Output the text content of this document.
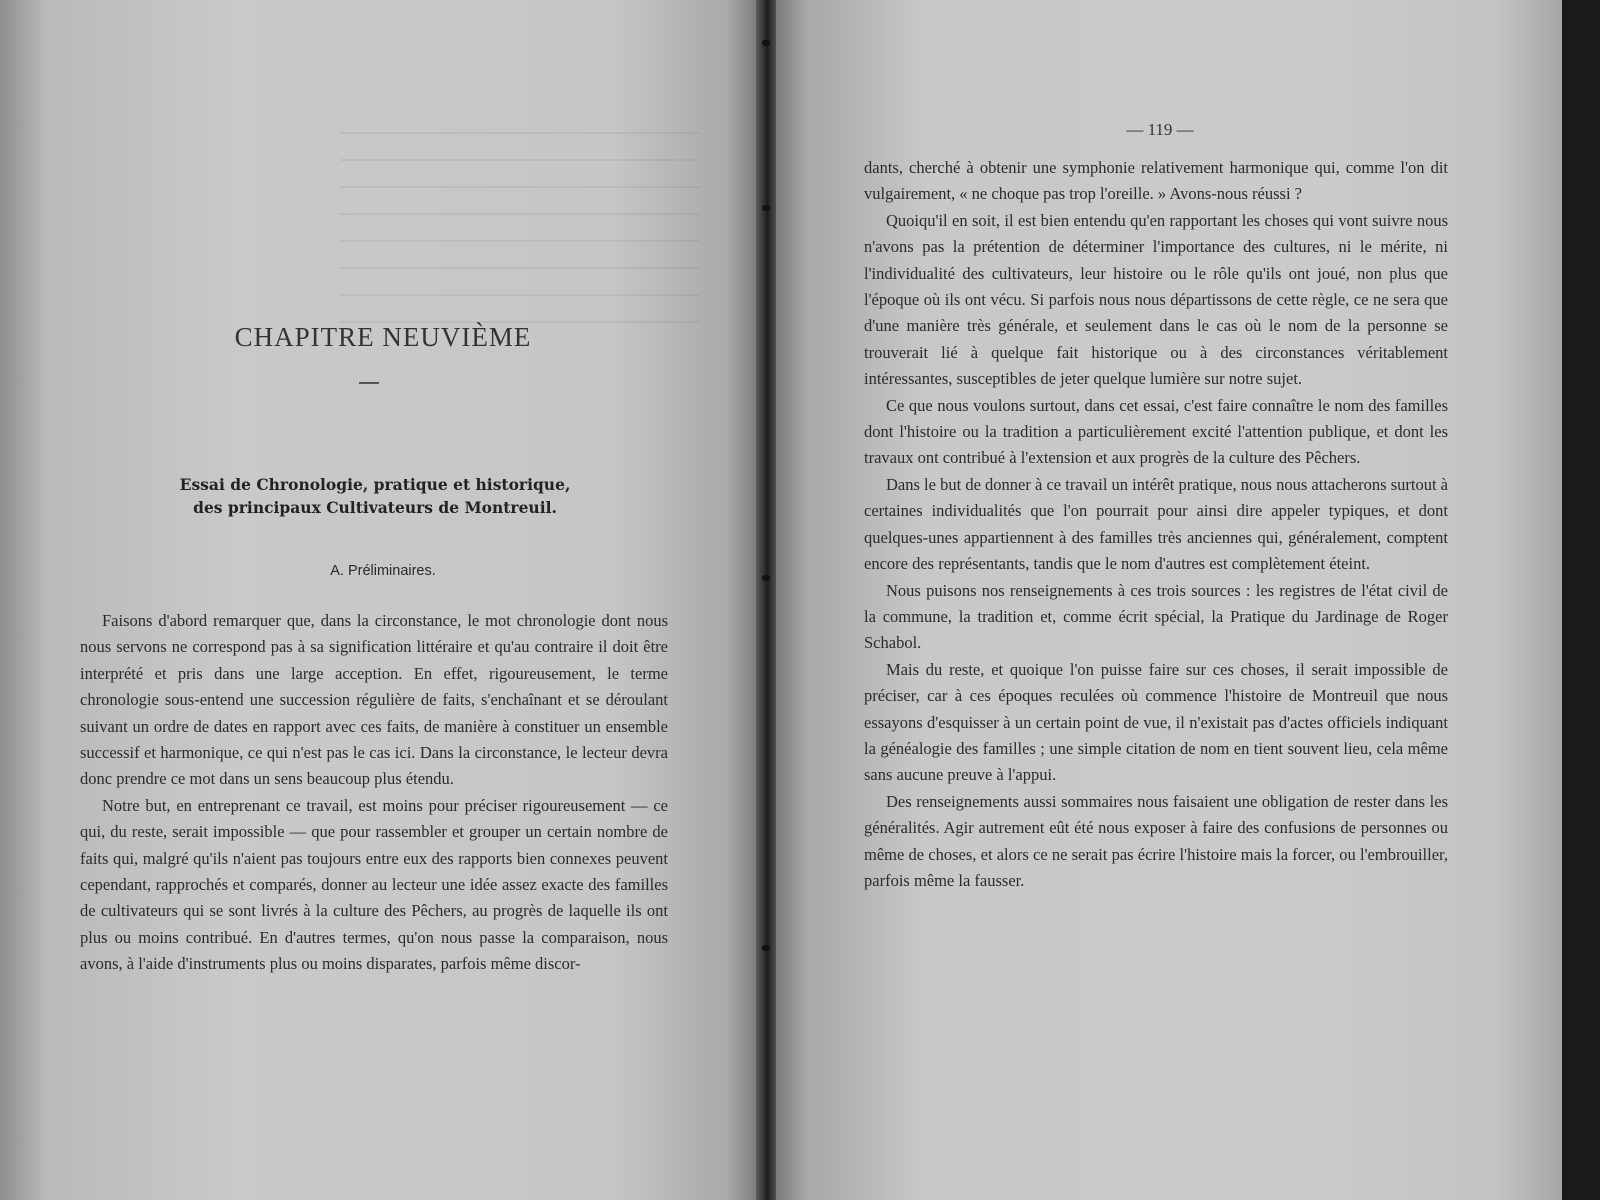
CHAPITRE NEUVIÈME
Essai de Chronologie, pratique et historique,
des principaux Cultivateurs de Montreuil.
A. Préliminaires.

Faisons d'abord remarquer que, dans la circonstance, le mot chronologie dont nous nous servons ne correspond pas à sa signification littéraire et qu'au contraire il doit être interprété et pris dans une large acception. En effet, rigoureusement, le terme chronologie sous-entend une succession régulière de faits, s'enchaînant et se déroulant suivant un ordre de dates en rapport avec ces faits, de manière à constituer un ensemble successif et harmonique, ce qui n'est pas le cas ici. Dans la circonstance, le lecteur devra donc prendre ce mot dans un sens beaucoup plus étendu.

Notre but, en entreprenant ce travail, est moins pour préciser rigoureusement — ce qui, du reste, serait impossible — que pour rassembler et grouper un certain nombre de faits qui, malgré qu'ils n'aient pas toujours entre eux des rapports bien connexes peuvent cependant, rapprochés et comparés, donner au lecteur une idée assez exacte des familles de cultivateurs qui se sont livrés à la culture des Pêchers, au progrès de laquelle ils ont plus ou moins contribué. En d'autres termes, qu'on nous passe la comparaison, nous avons, à l'aide d'instruments plus ou moins disparates, parfois même discor-

— 119 —

dants, cherché à obtenir une symphonie relativement harmonique qui, comme l'on dit vulgairement, « ne choque pas trop l'oreille. » Avons-nous réussi ?

Quoiqu'il en soit, il est bien entendu qu'en rapportant les choses qui vont suivre nous n'avons pas la prétention de déterminer l'importance des cultures, ni le mérite, ni l'individualité des cultivateurs, leur histoire ou le rôle qu'ils ont joué, non plus que l'époque où ils ont vécu. Si parfois nous nous départissons de cette règle, ce ne sera que d'une manière très générale, et seulement dans le cas où le nom de la personne se trouverait lié à quelque fait historique ou à des circonstances véritablement intéressantes, susceptibles de jeter quelque lumière sur notre sujet.

Ce que nous voulons surtout, dans cet essai, c'est faire connaître le nom des familles dont l'histoire ou la tradition a particulièrement excité l'attention publique, et dont les travaux ont contribué à l'extension et aux progrès de la culture des Pêchers.

Dans le but de donner à ce travail un intérêt pratique, nous nous attacherons surtout à certaines individualités que l'on pourrait pour ainsi dire appeler typiques, et dont quelques-unes appartiennent à des familles très anciennes qui, généralement, comptent encore des représentants, tandis que le nom d'autres est complètement éteint.

Nous puisons nos renseignements à ces trois sources : les registres de l'état civil de la commune, la tradition et, comme écrit spécial, la Pratique du Jardinage de Roger Schabol.

Mais du reste, et quoique l'on puisse faire sur ces choses, il serait impossible de préciser, car à ces époques reculées où commence l'histoire de Montreuil que nous essayons d'esquisser à un certain point de vue, il n'existait pas d'actes officiels indiquant la généalogie des familles ; une simple citation de nom en tient souvent lieu, cela même sans aucune preuve à l'appui.

Des renseignements aussi sommaires nous faisaient une obligation de rester dans les généralités. Agir autrement eût été nous exposer à faire des confusions de personnes ou même de choses, et alors ce ne serait pas écrire l'histoire mais la forcer, ou l'embrouiller, parfois même la fausser.
